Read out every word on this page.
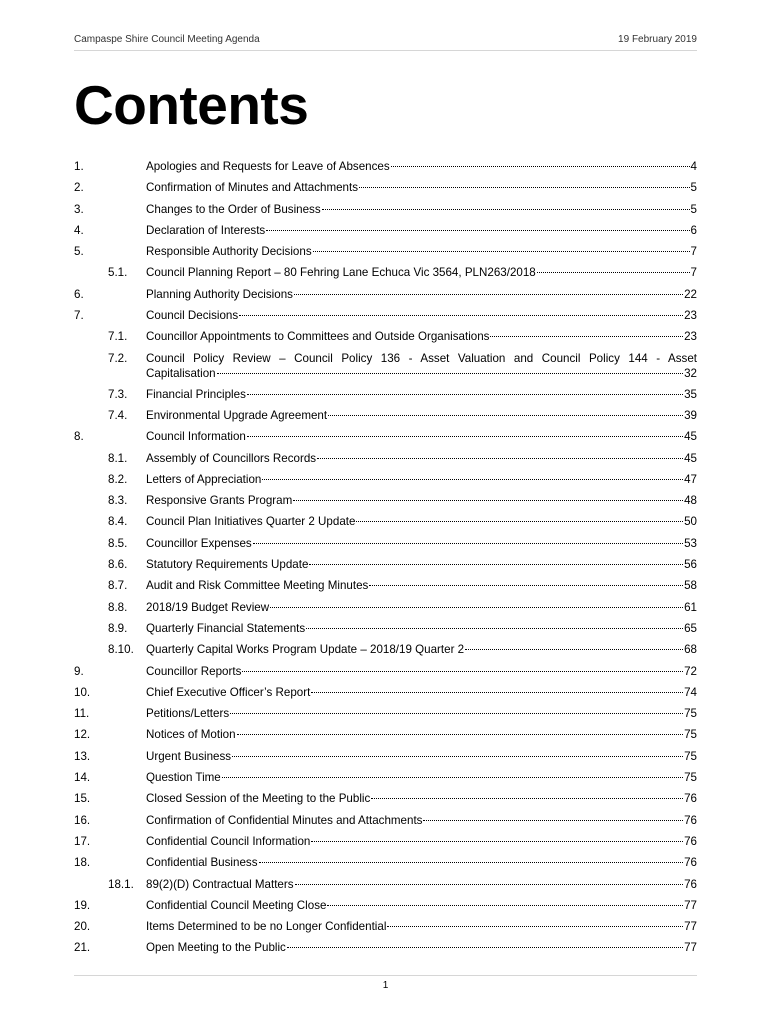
Campaspe Shire Council Meeting Agenda	19 February 2019
Contents
1.	Apologies and Requests for Leave of Absences	4
2.	Confirmation of Minutes and Attachments	5
3.	Changes to the Order of Business	5
4.	Declaration of Interests	6
5.	Responsible Authority Decisions	7
5.1. Council Planning Report – 80 Fehring Lane Echuca Vic 3564, PLN263/2018	7
6.	Planning Authority Decisions	22
7.	Council Decisions	23
7.1. Councillor Appointments to Committees and Outside Organisations	23
7.2. Council Policy Review – Council Policy 136 - Asset Valuation and Council Policy 144 - Asset
Capitalisation	32
7.3. Financial Principles	35
7.4. Environmental Upgrade Agreement	39
8.	Council Information	45
8.1. Assembly of Councillors Records	45
8.2. Letters of Appreciation	47
8.3. Responsive Grants Program	48
8.4. Council Plan Initiatives Quarter 2 Update	50
8.5. Councillor Expenses	53
8.6. Statutory Requirements Update	56
8.7. Audit and Risk Committee Meeting Minutes	58
8.8. 2018/19 Budget Review	61
8.9. Quarterly Financial Statements	65
8.10. Quarterly Capital Works Program Update – 2018/19 Quarter 2	68
9.	Councillor Reports	72
10.	Chief Executive Officer’s Report	74
11.	Petitions/Letters	75
12.	Notices of Motion	75
13.	Urgent Business	75
14.	Question Time	75
15.	Closed Session of the Meeting to the Public	76
16.	Confirmation of Confidential Minutes and Attachments	76
17.	Confidential Council Information	76
18.	Confidential Business	76
18.1. 89(2)(D) Contractual Matters	76
19.	Confidential Council Meeting Close	77
20.	Items Determined to be no Longer Confidential	77
21.	Open Meeting to the Public	77
1
